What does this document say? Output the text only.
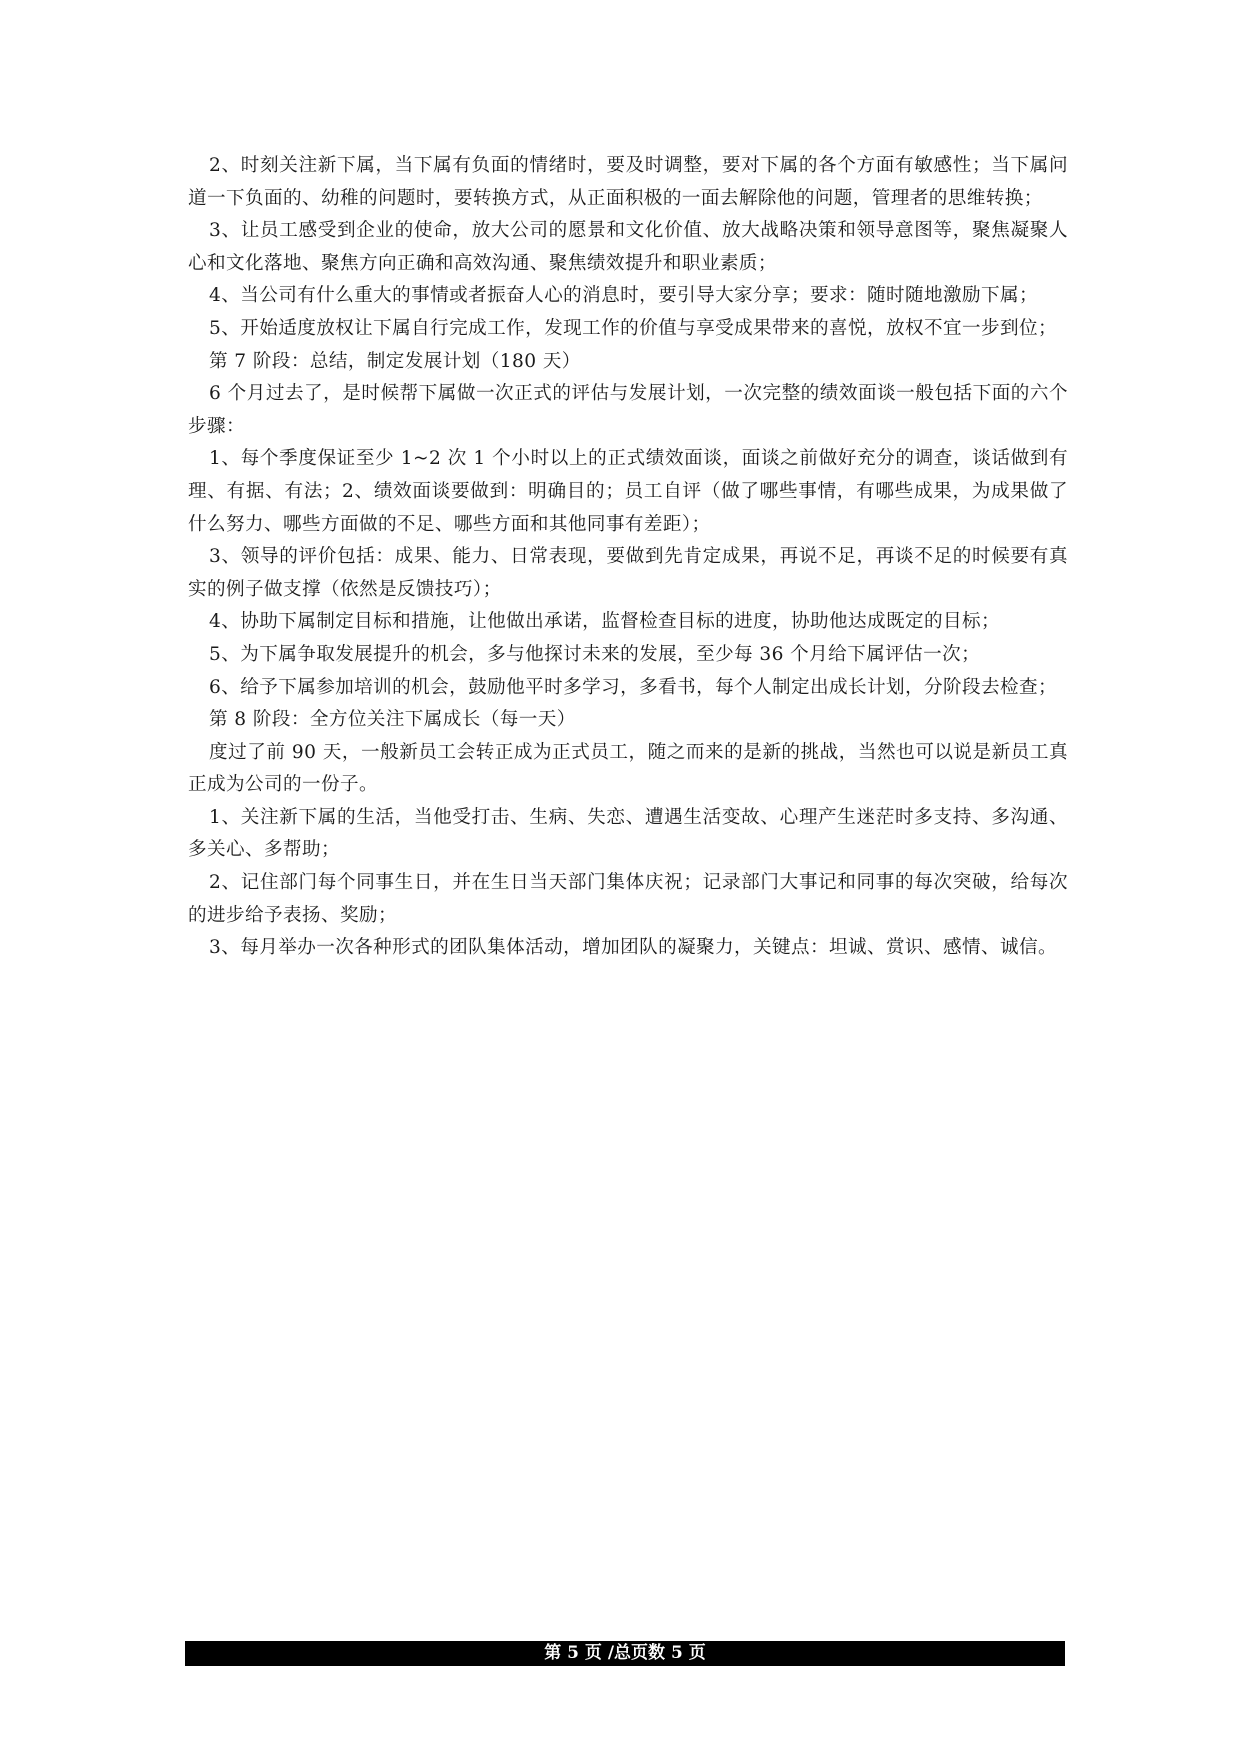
2、时刻关注新下属，当下属有负面的情绪时，要及时调整，要对下属的各个方面有敏感性；当下属问道一下负面的、幼稚的问题时，要转换方式，从正面积极的一面去解除他的问题，管理者的思维转换；

3、让员工感受到企业的使命，放大公司的愿景和文化价值、放大战略决策和领导意图等，聚焦凝聚人心和文化落地、聚焦方向正确和高效沟通、聚焦绩效提升和职业素质；

4、当公司有什么重大的事情或者振奋人心的消息时，要引导大家分享；要求：随时随地激励下属；

5、开始适度放权让下属自行完成工作，发现工作的价值与享受成果带来的喜悦，放权不宜一步到位；

第 7 阶段：总结，制定发展计划（180 天）

6 个月过去了，是时候帮下属做一次正式的评估与发展计划，一次完整的绩效面谈一般包括下面的六个步骤：

1、每个季度保证至少 1~2 次 1 个小时以上的正式绩效面谈，面谈之前做好充分的调查，谈话做到有理、有据、有法；2、绩效面谈要做到：明确目的；员工自评（做了哪些事情，有哪些成果，为成果做了什么努力、哪些方面做的不足、哪些方面和其他同事有差距）；

3、领导的评价包括：成果、能力、日常表现，要做到先肯定成果，再说不足，再谈不足的时候要有真实的例子做支撑（依然是反馈技巧）；

4、协助下属制定目标和措施，让他做出承诺，监督检查目标的进度，协助他达成既定的目标；

5、为下属争取发展提升的机会，多与他探讨未来的发展，至少每 36 个月给下属评估一次；

6、给予下属参加培训的机会，鼓励他平时多学习，多看书，每个人制定出成长计划，分阶段去检查；

第 8 阶段：全方位关注下属成长（每一天）

度过了前 90 天，一般新员工会转正成为正式员工，随之而来的是新的挑战，当然也可以说是新员工真正成为公司的一份子。

1、关注新下属的生活，当他受打击、生病、失恋、遭遇生活变故、心理产生迷茫时多支持、多沟通、多关心、多帮助；

2、记住部门每个同事生日，并在生日当天部门集体庆祝；记录部门大事记和同事的每次突破，给每次的进步给予表扬、奖励；

3、每月举办一次各种形式的团队集体活动，增加团队的凝聚力，关键点：坦诚、赏识、感情、诚信。

第 5 页 /总页数 5 页
